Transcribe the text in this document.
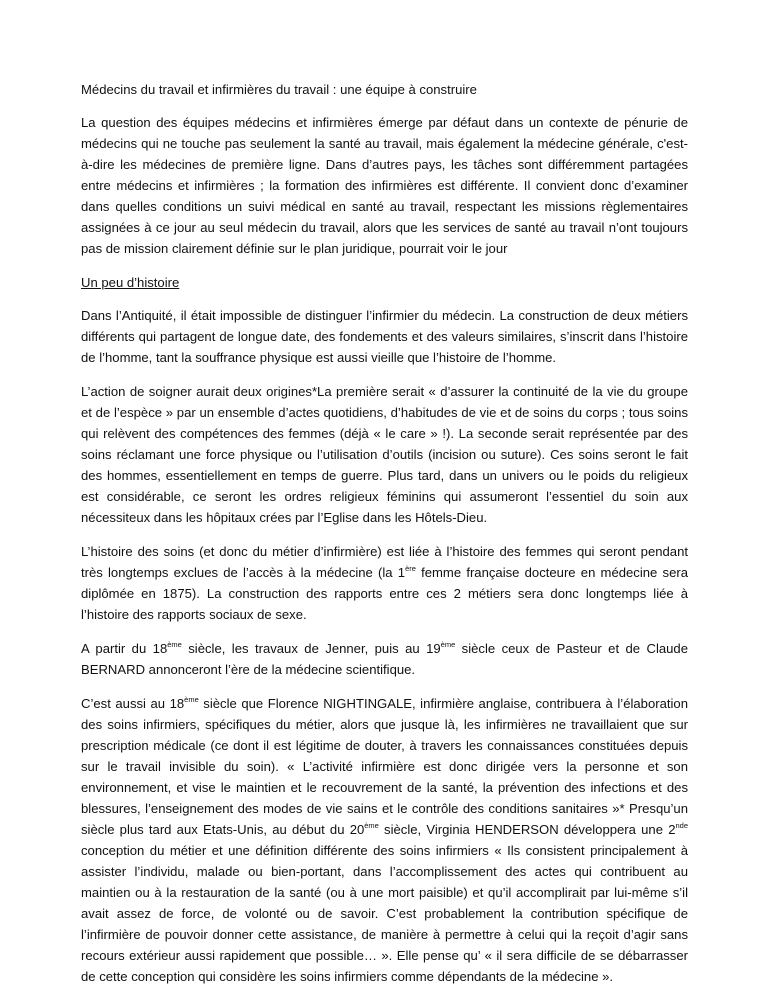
Médecins du travail et infirmières du travail : une équipe à construire

La question des équipes médecins et infirmières émerge par défaut dans un contexte de pénurie de médecins qui ne touche pas seulement la santé au travail, mais également la médecine générale, c'est-à-dire les médecines de première ligne. Dans d’autres pays, les tâches sont différemment partagées entre médecins et infirmières ; la formation des infirmières est différente. Il convient donc d’examiner dans quelles conditions un suivi médical en santé au travail, respectant les missions règlementaires assignées à ce jour au seul médecin du travail, alors que les services de santé au travail n’ont toujours pas de mission clairement définie sur le plan juridique, pourrait voir le jour

Un peu d’histoire

Dans l’Antiquité, il était impossible de distinguer l’infirmier du médecin. La construction de deux métiers différents qui partagent de longue date, des fondements et des valeurs similaires, s’inscrit dans l’histoire de l’homme, tant la souffrance physique est aussi vieille que l’histoire de l’homme.

L’action de soigner aurait deux origines*La première serait « d’assurer la continuité de la vie du groupe et de l’espèce » par un ensemble d’actes quotidiens, d’habitudes de vie et de soins du corps ; tous soins qui relèvent des compétences des femmes (déjà « le care » !). La seconde serait représentée par des soins réclamant une force physique ou l’utilisation d’outils (incision ou suture). Ces soins seront le fait des hommes, essentiellement en temps de guerre. Plus tard, dans un univers ou le poids du religieux est considérable, ce seront les ordres religieux féminins qui assumeront l’essentiel du soin aux nécessiteux dans les hôpitaux crées par l’Eglise dans les Hôtels-Dieu.

L’histoire des soins (et donc du métier d’infirmière) est liée à l’histoire des femmes qui seront pendant très longtemps exclues de l’accès à la médecine (la 1ère femme française docteure en médecine sera diplômée en 1875). La construction des rapports entre ces 2 métiers sera donc longtemps liée à l’histoire des rapports sociaux de sexe.

A partir du 18ème siècle, les travaux de Jenner, puis au 19ème siècle ceux de Pasteur et de Claude BERNARD annonceront l’ère de la médecine scientifique.

C’est aussi au 18ème siècle que Florence NIGHTINGALE, infirmière anglaise, contribuera à l’élaboration des soins infirmiers, spécifiques du métier, alors que jusque là, les infirmières ne travaillaient que sur prescription médicale (ce dont il est légitime de douter, à travers les connaissances constituées depuis sur le travail invisible du soin). « L’activité infirmière est donc dirigée vers la personne et son environnement, et vise le maintien et le recouvrement de la santé, la prévention des infections et des blessures, l’enseignement des modes de vie sains et le contrôle des conditions sanitaires »* Presqu’un siècle plus tard aux Etats-Unis, au début du 20ème siècle, Virginia HENDERSON développera une 2nde conception du métier et une définition différente des soins infirmiers « Ils consistent principalement à assister l’individu, malade ou bien-portant, dans l’accomplissement des actes qui contribuent au maintien ou à la restauration de la santé (ou à une mort paisible) et qu’il accomplirait par lui-même s’il avait assez de force, de volonté ou de savoir. C’est probablement la contribution spécifique de l’infirmière de pouvoir donner cette assistance, de manière à permettre à celui qui la reçoit d’agir sans recours extérieur aussi rapidement que possible… ». Elle pense qu’ « il sera difficile de se débarrasser de cette conception qui considère les soins infirmiers comme dépendants de la médecine ».
